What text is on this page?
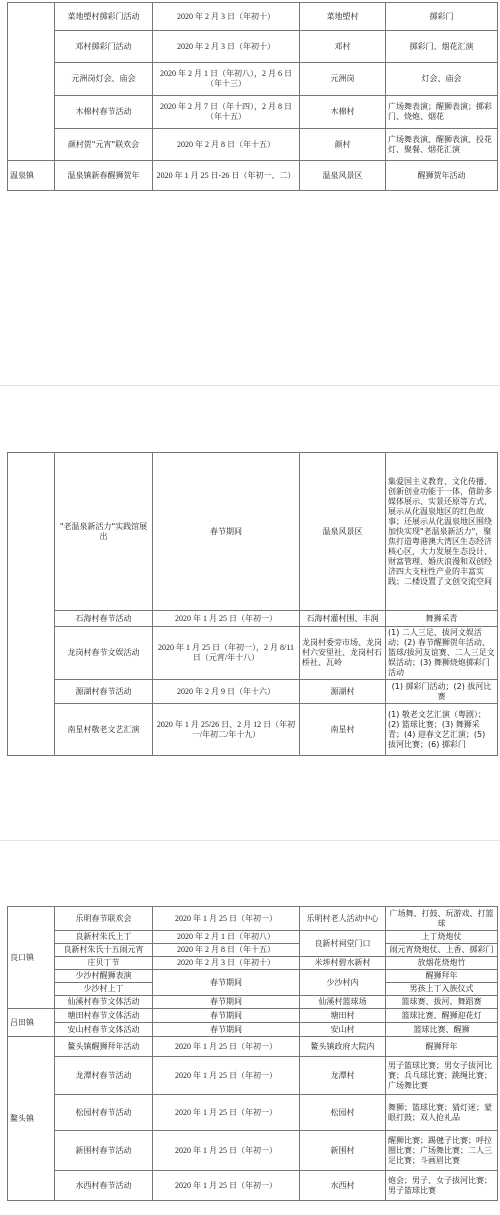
	菜地塱村掷彩门活动	2020 年 2 月 3 日（年初十）	菜地塱村	掷彩门
	邓村掷彩门活动	2020 年 2 月 3 日（年初十）	邓村	掷彩门、烟花汇演
	元洲岗灯会、庙会	2020 年 2 月 1 日（年初八），2 月 6 日（年十三）	元洲岗	灯会、庙会
	木棉村春节活动	2020 年 2 月 7 日（年十四），2 月 8 日（年十五）	木棉村	广场舞表演；醒狮表演；掷彩门、烧炮、烟花
	颜村贺"元宵"联欢会	2020 年 2 月 8 日（年十五）	颜村	广场舞表演、醒狮表演、投花灯、聚餐、烟花汇演
温泉镇	温泉镇新春醒狮贺年	2020 年 1 月 25 日-26 日（年初一、二）	温泉风景区	醒狮贺年活动
	"老温泉新活力"实践馆展出	春节期间	温泉风景区	集爱国主义教育、文化传播、创新创业功能于一体，借助多媒体展示、实景还原等方式，展示从化温泉地区的红色故事；还展示从化温泉地区围绕加快实现"老温泉新活力"，聚焦打造粤港澳大湾区生态经济核心区，大力发展生态设计、财富管理、婚庆浪漫和双创经济四大支柱性产业的丰富实践；二楼设置了文创交流空间
	石海村春节活动	2020 年 1 月 25 日（年初一）	石海村灌村围、丰润	舞狮采青
	龙岗村春节文娱活动	2020 年 1 月 25 日（年初一），2 月 8/11 日（元宵/年十八）	龙岗村委旁市场、龙岗村六安里社、龙岗村石桥社、瓦岭	(1) 二人三足、拔河文娱活动；(2) 春节醒狮贺年活动、篮球/拔河友谊赛、二人三足文娱活动；(3) 舞狮烧炮掷彩门活动
	源湖村春节活动	2020 年 2 月 9 日（年十六）	源湖村	(1) 掷彩门活动；(2) 拔河比赛
	南星村敬老文艺汇演	2020 年 1 月 25/26 日、2 月 12 日（年初一/年初二/年十九）	南星村	(1) 敬老文艺汇演（粤剧）；(2) 篮球比赛；(3) 舞狮采青；(4) 迎春文艺汇演；(5) 拔河比赛；(6) 掷彩门
良口镇	乐明春节联欢会	2020 年 1 月 25 日（年初一）	乐明村老人活动中心	广场舞、打鼓、玩游戏、打篮球
	良新村朱氏上丁	2020 年 2 月 1 日（年初八）	良新村祠堂门口	上丁烧炮仗
	良新村朱氏十五闹元宵	2020 年 2 月 8 日（年十五）		闹元宵烧炮仗、上香、掷彩门
	庄贝丁节	2020 年 2 月 3 日（年初十）	米埗村碧水新村	放烟花烧炮竹
	少沙村醒狮表演	春节期间	少沙村内	醒狮拜年
	少沙村上丁			男孩上丁入族仪式
	仙溪村春节文体活动	春节期间	仙溪村篮球场	篮球赛、拔河、舞蹈赛
吕田镇	塘田村春节文体活动	春节期间	塘田村	篮球比赛、醒狮迎花灯
	安山村春节文体活动	春节期间	安山村	篮球比赛、醒狮
鳌头镇	鳌头镇醒狮拜年活动	2020 年 1 月 25 日（年初一）	鳌头镇政府大院内	醒狮拜年
	龙潭村春节活动	2020 年 1 月 25 日（年初一）	龙潭村	男子篮球比赛；男女子拔河比赛；兵乓球比赛；跳绳比赛；广场舞比赛
	松园村春节活动	2020 年 1 月 25 日（年初一）	松园村	舞狮；篮球比赛；猜灯迷；蒙眼打鼓；双人抢礼品
	新围村春节活动	2020 年 1 月 25 日（年初一）	新围村	醒狮比赛；踢毽子比赛；呼拉圈比赛；广场舞比赛；二人三足比赛；斗画眉比赛
	水西村春节活动	2020 年 1 月 25 日（年初一）	水西村	炮会；男子、女子拔河比赛；男子篮球比赛
